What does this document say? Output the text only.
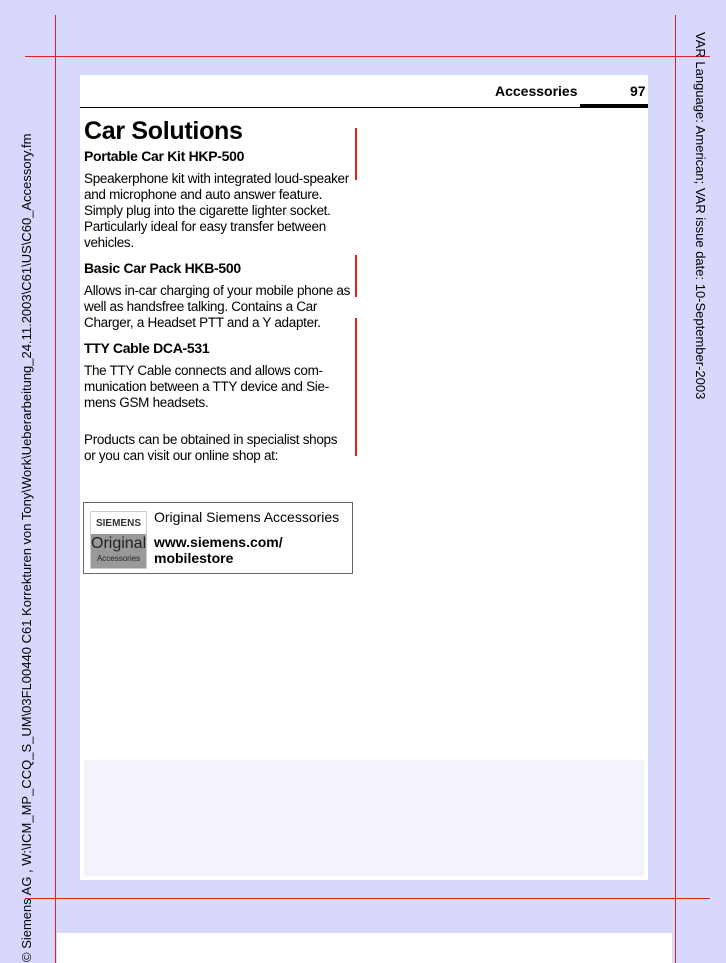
© Siemens AG , W:\ICM_MP_CCQ_S_UM\03FL00440 C61 Korrekturen von Tony\Work\Ueberarbeitung_24.11.2003\C61\US\C60_Accessory.fm	VAR Language: American; VAR issue date: 10-September-2003
Accessories	97
Car Solutions
Portable Car Kit HKP-500
Speakerphone kit with integrated loud-speaker and microphone and auto answer feature. Simply plug into the cigarette lighter socket. Particularly ideal for easy transfer between vehicles.
Basic Car Pack HKB-500
Allows in-car charging of your mobile phone as well as handsfree talking. Contains a Car Charger, a Headset PTT and a Y adapter.
TTY Cable DCA-531
The TTY Cable connects and allows com-munication between a TTY device and Sie-mens GSM headsets.
Products can be obtained in specialist shops or you can visit our online shop at:
SIEMENS
Original
Accessories
Original Siemens Accessories
www.siemens.com/ mobilestore
